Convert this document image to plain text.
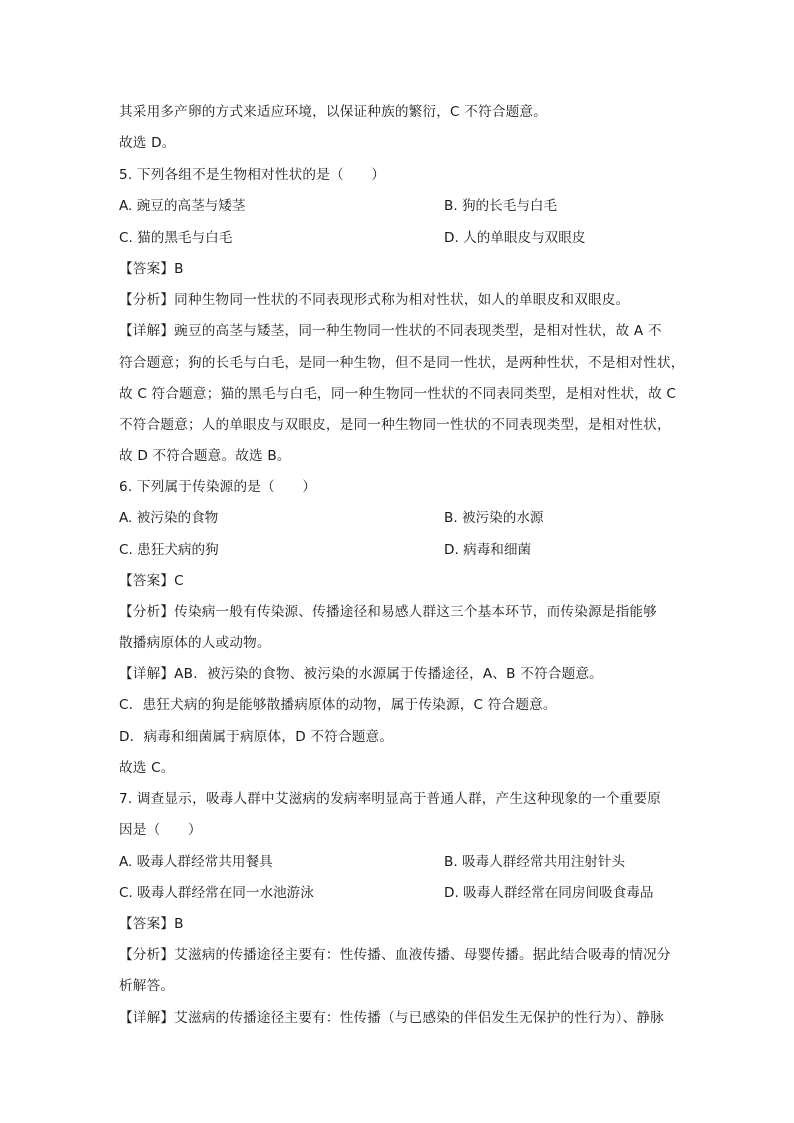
其采用多产卵的方式来适应环境，以保证种族的繁衍，C 不符合题意。
故选 D。
5. 下列各组不是生物相对性状的是（　　）
A. 豌豆的高茎与矮茎	B. 狗的长毛与白毛
C. 猫的黑毛与白毛	D. 人的单眼皮与双眼皮
【答案】B
【分析】同种生物同一性状的不同表现形式称为相对性状，如人的单眼皮和双眼皮。
【详解】豌豆的高茎与矮茎，同一种生物同一性状的不同表现类型，是相对性状，故 A 不
符合题意；狗的长毛与白毛，是同一种生物，但不是同一性状，是两种性状，不是相对性状，
故 C 符合题意；猫的黑毛与白毛，同一种生物同一性状的不同表同类型，是相对性状，故 C
不符合题意；人的单眼皮与双眼皮，是同一种生物同一性状的不同表现类型，是相对性状，
故 D 不符合题意。故选 B。
6. 下列属于传染源的是（　　）
A. 被污染的食物	B. 被污染的水源
C. 患狂犬病的狗	D. 病毒和细菌
【答案】C
【分析】传染病一般有传染源、传播途径和易感人群这三个基本环节，而传染源是指能够
散播病原体的人或动物。
【详解】AB．被污染的食物、被污染的水源属于传播途径，A、B 不符合题意。
C．患狂犬病的狗是能够散播病原体的动物，属于传染源，C 符合题意。
D．病毒和细菌属于病原体，D 不符合题意。
故选 C。
7. 调查显示，吸毒人群中艾滋病的发病率明显高于普通人群，产生这种现象的一个重要原
因是（　　）
A. 吸毒人群经常共用餐具	B. 吸毒人群经常共用注射针头
C. 吸毒人群经常在同一水池游泳	D. 吸毒人群经常在同房间吸食毒品
【答案】B
【分析】艾滋病的传播途径主要有：性传播、血液传播、母婴传播。据此结合吸毒的情况分
析解答。
【详解】艾滋病的传播途径主要有：性传播（与已感染的伴侣发生无保护的性行为）、静脉
